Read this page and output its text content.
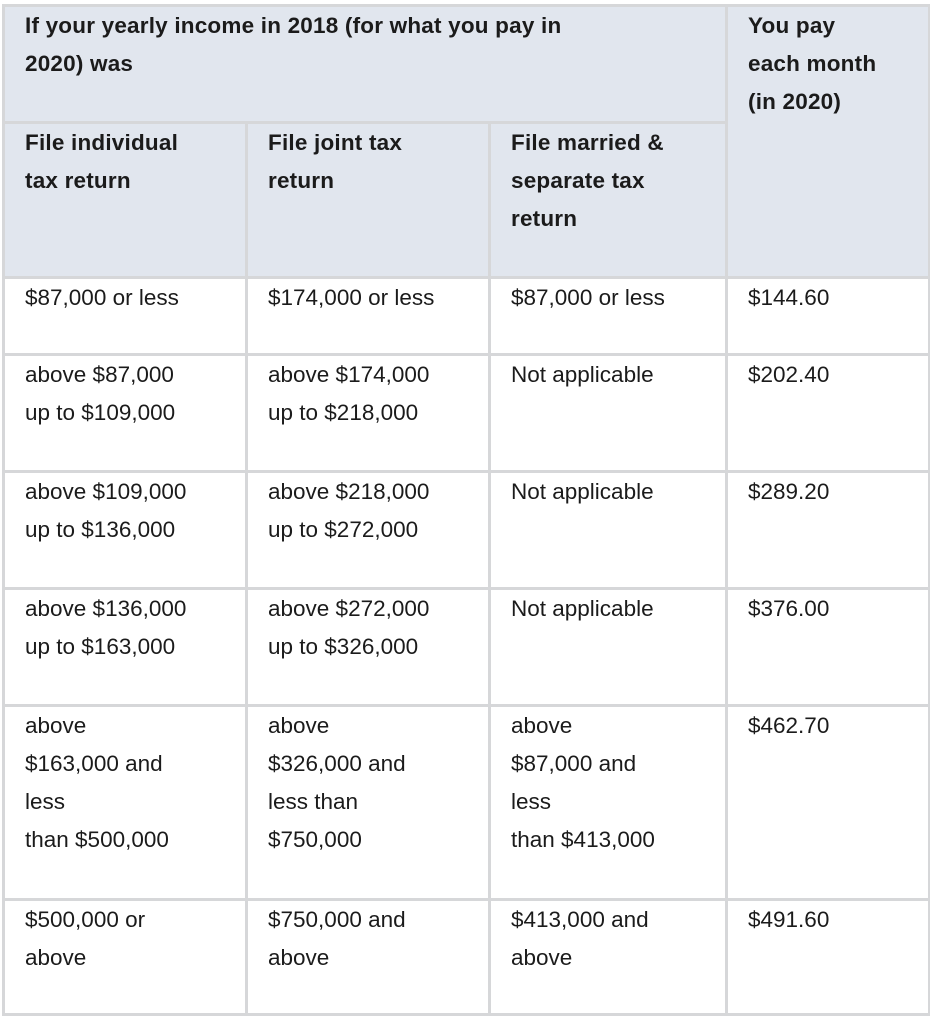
If your yearly income in 2018 (for what you pay in
2020) was			You pay
each month
(in 2020)

File individual
tax return	File joint tax
return	File married &
separate tax
return	

$87,000 or less	$174,000 or less	$87,000 or less	$144.60

above $87,000
up to $109,000	above $174,000
up to $218,000	Not applicable	$202.40

above $109,000
up to $136,000	above $218,000
up to $272,000	Not applicable	$289.20

above $136,000
up to $163,000	above $272,000
up to $326,000	Not applicable	$376.00

above
$163,000 and
less
than $500,000	above
$326,000 and
less than
$750,000	above
$87,000 and
less
than $413,000	$462.70

$500,000 or
above	$750,000 and
above	$413,000 and
above	$491.60
